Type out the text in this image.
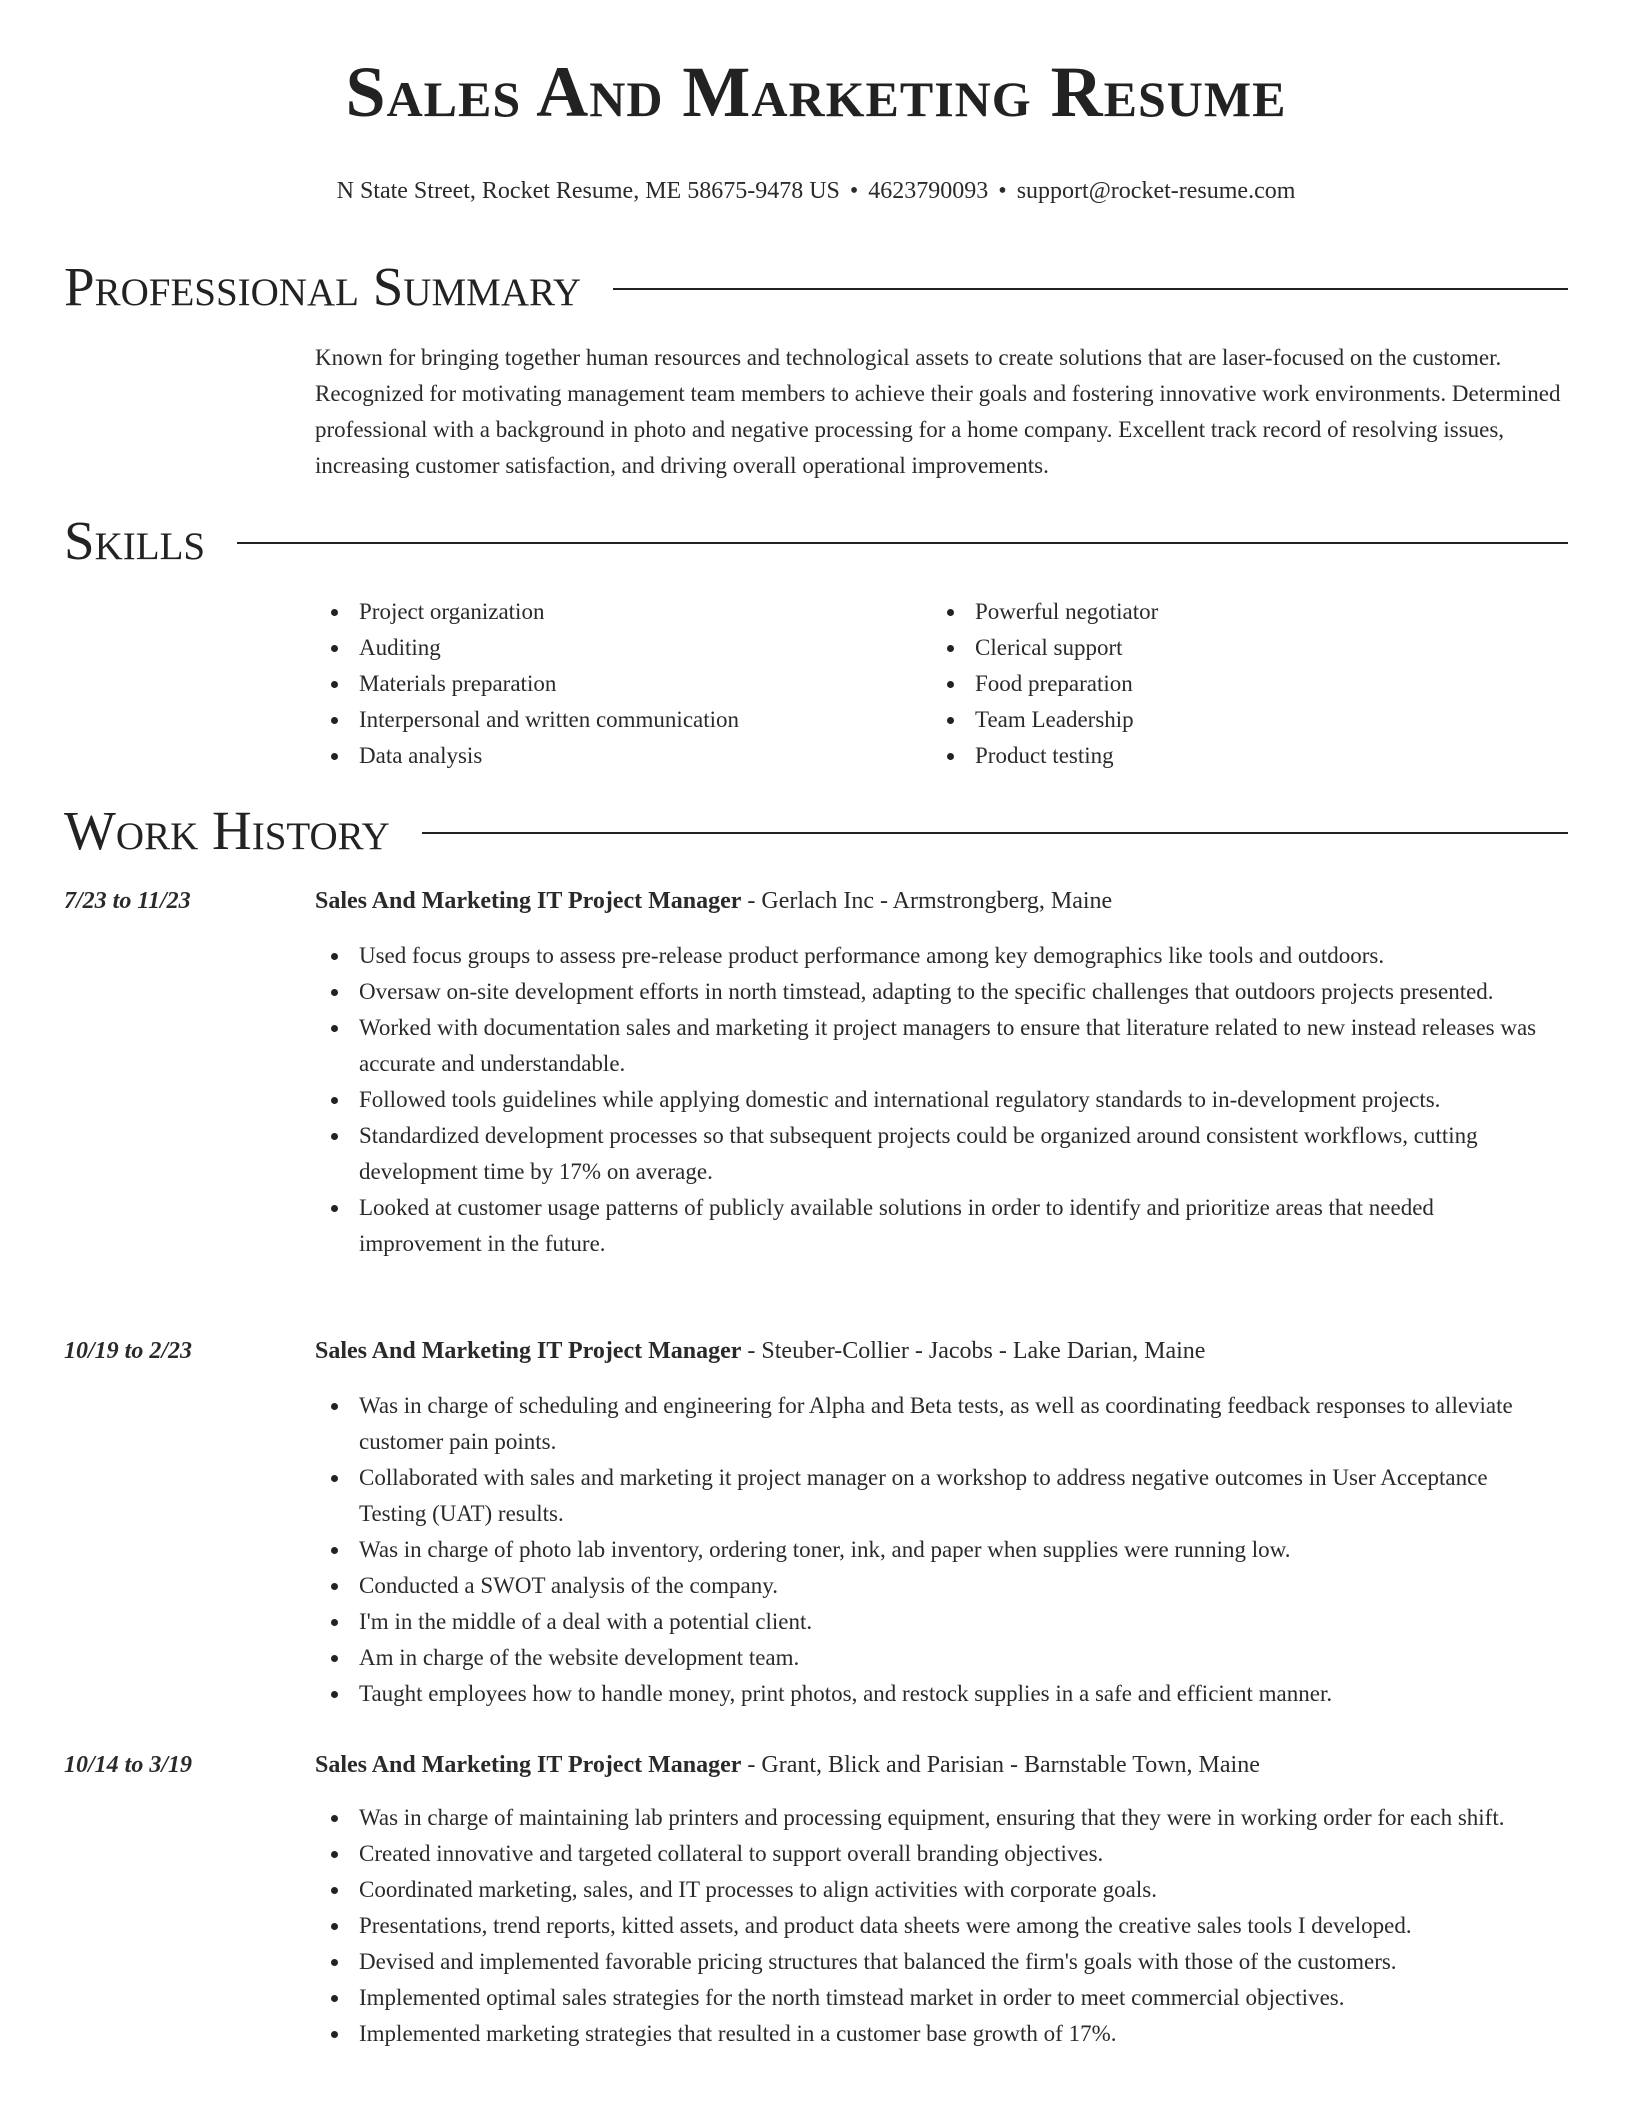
Sales And Marketing Resume
N State Street, Rocket Resume, ME 58675-9478 US • 4623790093 • support@rocket-resume.com
Professional Summary

Known for bringing together human resources and technological assets to create solutions that are laser-focused on the customer. Recognized for motivating management team members to achieve their goals and fostering innovative work environments. Determined professional with a background in photo and negative processing for a home company. Excellent track record of resolving issues, increasing customer satisfaction, and driving overall operational improvements.

Skills
Project organization
Auditing
Materials preparation
Interpersonal and written communication
Data analysis
Powerful negotiator
Clerical support
Food preparation
Team Leadership
Product testing
Work History
7/23 to 11/23	Sales And Marketing IT Project Manager - Gerlach Inc - Armstrongberg, Maine
Used focus groups to assess pre-release product performance among key demographics like tools and outdoors.
Oversaw on-site development efforts in north timstead, adapting to the specific challenges that outdoors projects presented.
Worked with documentation sales and marketing it project managers to ensure that literature related to new instead releases was accurate and understandable.
Followed tools guidelines while applying domestic and international regulatory standards to in-development projects.
Standardized development processes so that subsequent projects could be organized around consistent workflows, cutting development time by 17% on average.
Looked at customer usage patterns of publicly available solutions in order to identify and prioritize areas that needed improvement in the future.
10/19 to 2/23	Sales And Marketing IT Project Manager - Steuber-Collier - Jacobs - Lake Darian, Maine
Was in charge of scheduling and engineering for Alpha and Beta tests, as well as coordinating feedback responses to alleviate customer pain points.
Collaborated with sales and marketing it project manager on a workshop to address negative outcomes in User Acceptance Testing (UAT) results.
Was in charge of photo lab inventory, ordering toner, ink, and paper when supplies were running low.
Conducted a SWOT analysis of the company.
I'm in the middle of a deal with a potential client.
Am in charge of the website development team.
Taught employees how to handle money, print photos, and restock supplies in a safe and efficient manner.
10/14 to 3/19	Sales And Marketing IT Project Manager - Grant, Blick and Parisian - Barnstable Town, Maine
Was in charge of maintaining lab printers and processing equipment, ensuring that they were in working order for each shift.
Created innovative and targeted collateral to support overall branding objectives.
Coordinated marketing, sales, and IT processes to align activities with corporate goals.
Presentations, trend reports, kitted assets, and product data sheets were among the creative sales tools I developed.
Devised and implemented favorable pricing structures that balanced the firm's goals with those of the customers.
Implemented optimal sales strategies for the north timstead market in order to meet commercial objectives.
Implemented marketing strategies that resulted in a customer base growth of 17%.
